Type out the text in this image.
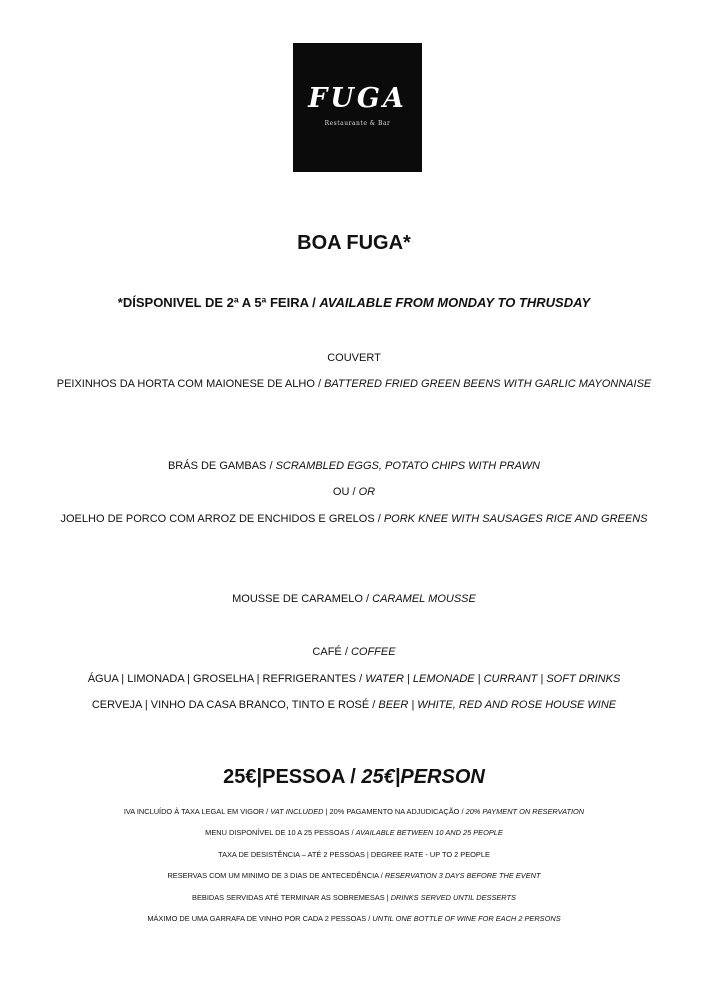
FUGA
Restaurante & Bar
BOA FUGA*
*DÍSPONIVEL DE 2ª A 5ª FEIRA / AVAILABLE FROM MONDAY TO THRUSDAY
COUVERT
PEIXINHOS DA HORTA COM MAIONESE DE ALHO / BATTERED FRIED GREEN BEENS WITH GARLIC MAYONNAISE
BRÁS DE GAMBAS / SCRAMBLED EGGS, POTATO CHIPS WITH PRAWN
OU / OR
JOELHO DE PORCO COM ARROZ DE ENCHIDOS E GRELOS / PORK KNEE WITH SAUSAGES RICE AND GREENS
MOUSSE DE CARAMELO / CARAMEL MOUSSE
CAFÉ / COFFEE
ÁGUA | LIMONADA | GROSELHA | REFRIGERANTES / WATER | LEMONADE | CURRANT | SOFT DRINKS
CERVEJA | VINHO DA CASA BRANCO, TINTO E ROSÉ / BEER | WHITE, RED AND ROSE HOUSE WINE
25€|PESSOA / 25€|PERSON
IVA INCLUÍDO À TAXA LEGAL EM VIGOR / VAT INCLUDED | 20% PAGAMENTO NA ADJUDICAÇÃO / 20% PAYMENT ON RESERVATION
MENU DISPONÍVEL DE 10 A 25 PESSOAS / AVAILABLE BETWEEN 10 AND 25 PEOPLE
TAXA DE DESISTÊNCIA – ATÉ 2 PESSOAS | DEGREE RATE - UP TO 2 PEOPLE
RESERVAS COM UM MINIMO DE 3 DIAS DE ANTECEDÊNCIA / RESERVATION 3 DAYS BEFORE THE EVENT
BEBIDAS SERVIDAS ATÉ TERMINAR AS SOBREMESAS | DRINKS SERVED UNTIL DESSERTS
MÁXIMO DE UMA GARRAFA DE VINHO POR CADA 2 PESSOAS / UNTIL ONE BOTTLE OF WINE FOR EACH 2 PERSONS
